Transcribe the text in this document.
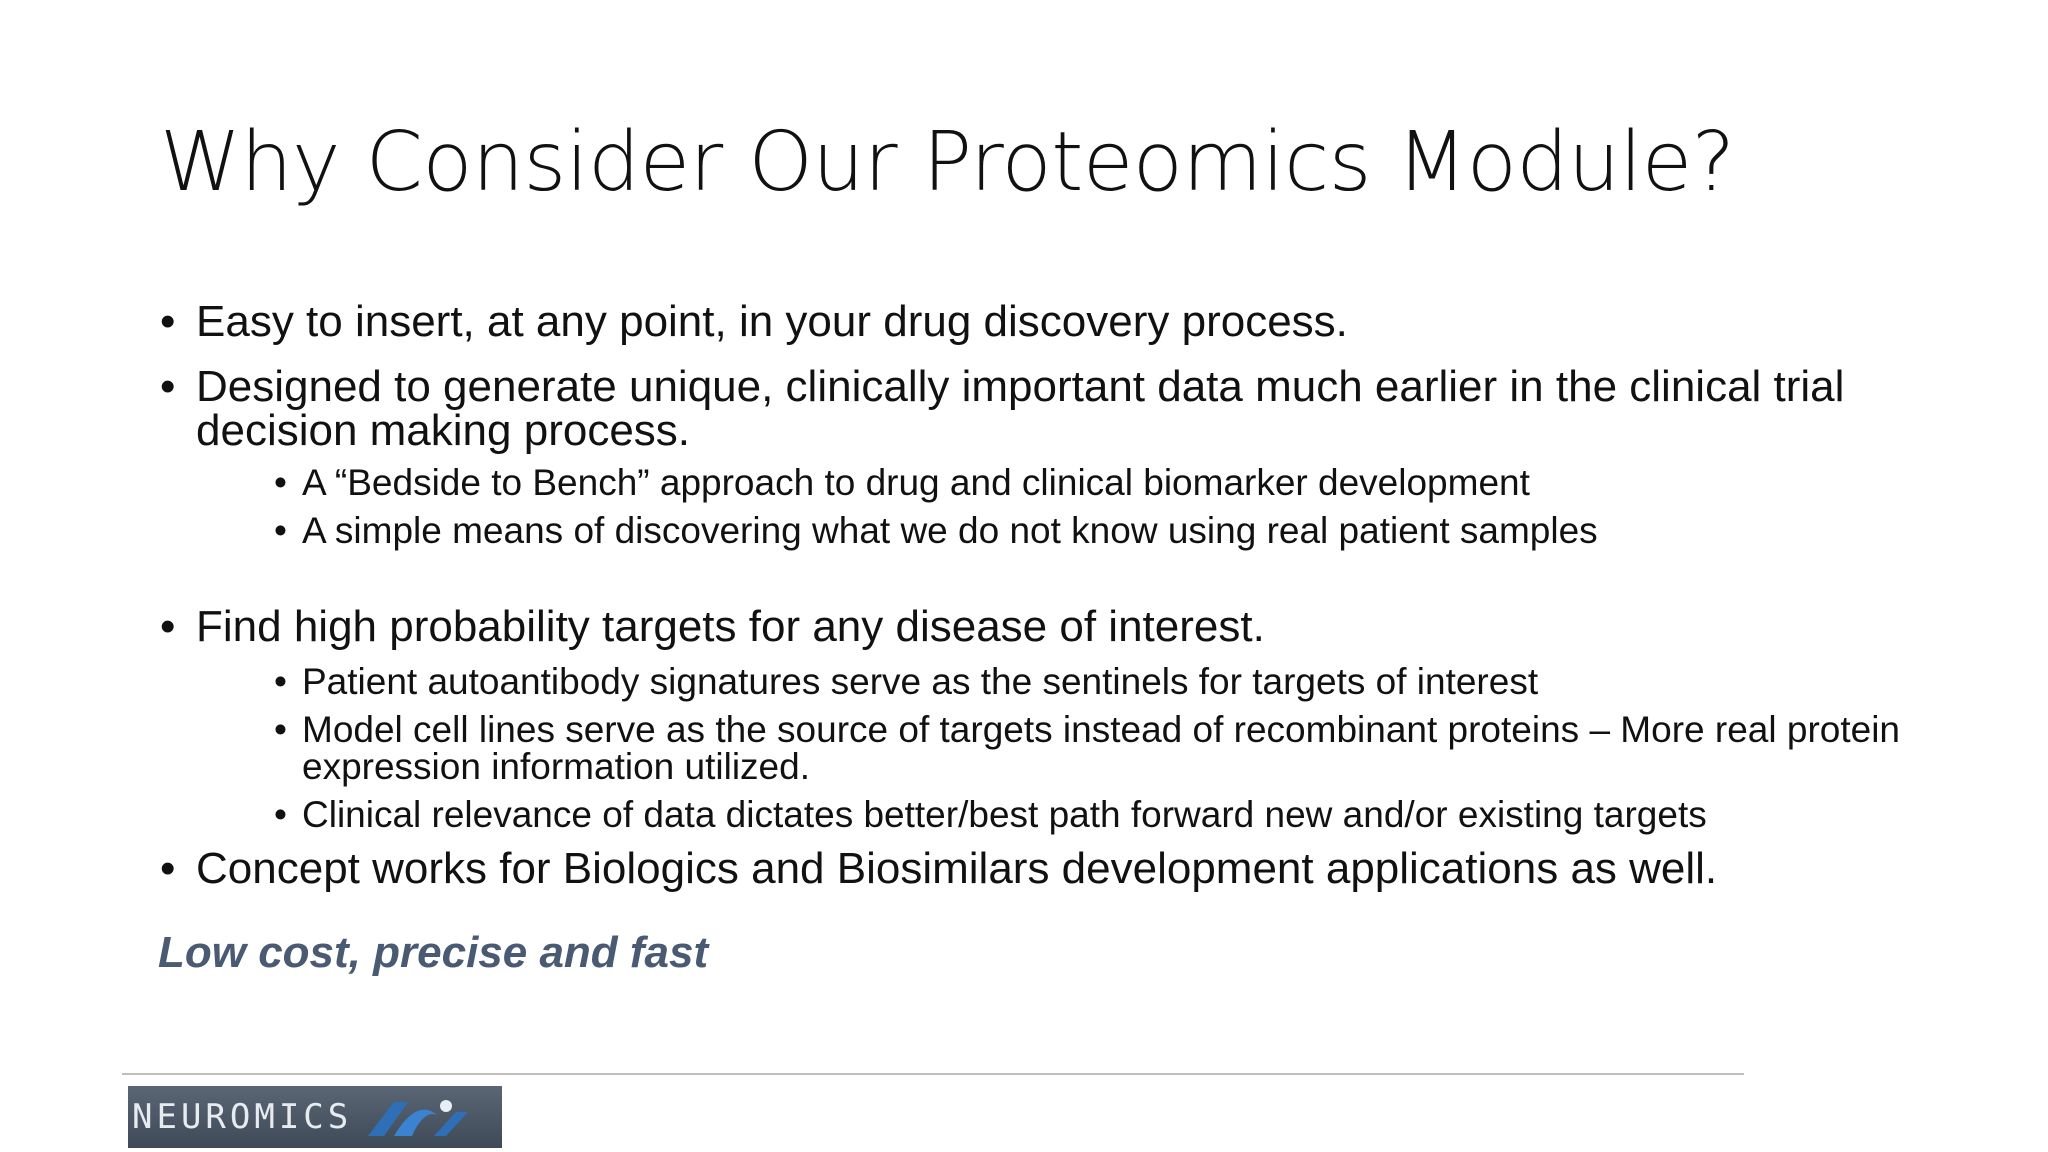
Why Consider Our Proteomics Module?
• Easy to insert, at any point, in your drug discovery process.
• Designed to generate unique, clinically important data much earlier in the clinical trial decision making process.
• A “Bedside to Bench” approach to drug and clinical biomarker development
• A simple means of discovering what we do not know using real patient samples
• Find high probability targets for any disease of interest.
• Patient autoantibody signatures serve as the sentinels for targets of interest
• Model cell lines serve as the source of targets instead of recombinant proteins – More real protein expression information utilized.
• Clinical relevance of data dictates better/best path forward new and/or existing targets
• Concept works for Biologics and Biosimilars development applications as well.

Low cost, precise and fast

NEUROMICS
